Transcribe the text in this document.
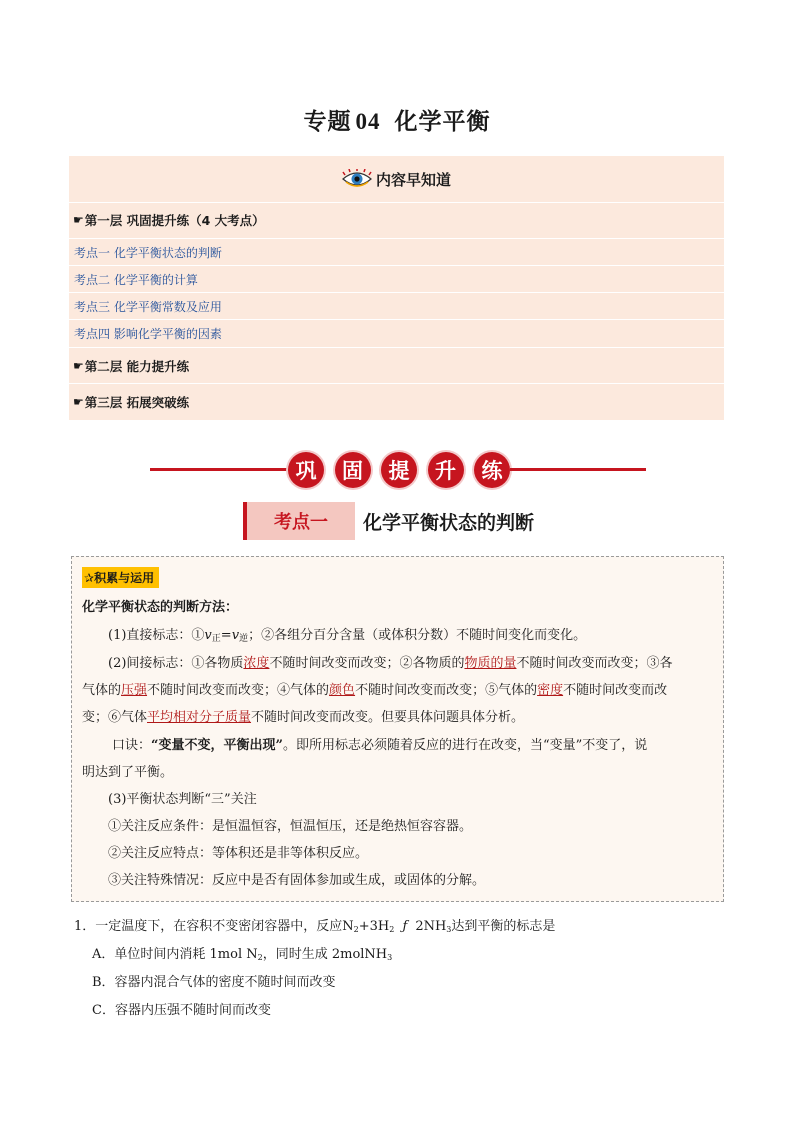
专题 04 化学平衡
内容早知道
☛ 第一层 巩固提升练（4 大考点）
考点一 化学平衡状态的判断
考点二 化学平衡的计算
考点三 化学平衡常数及应用
考点四 影响化学平衡的因素
☛ 第二层 能力提升练
☛ 第三层 拓展突破练
巩	固	提	升	练
考点一	化学平衡状态的判断
✰ 积累与运用
化学平衡状态的判断方法：
(1)直接标志：$①v_正=v_逆$；②各组分百分含量（或体积分数）不随时间变化而变化。
(2)间接标志：①各物质浓度不随时间改变而改变；②各物质的物质的量不随时间改变而改变；③各
气体的压强不随时间改变而改变；④气体的颜色不随时间改变而改变；⑤气体的密度不随时间改变而改
变；⑥气体平均相对分子质量不随时间改变而改变。但要具体问题具体分析。
口诀：“变量不变，平衡出现”。即所用标志必须随着反应的进行在改变，当“变量”不变了，说
明达到了平衡。
(3)平衡状态判断“三”关注
①关注反应条件：是恒温恒容，恒温恒压，还是绝热恒容容器。
②关注反应特点：等体积还是非等体积反应。
③关注特殊情况：反应中是否有固体参加或生成，或固体的分解。
1．一定温度下，在容积不变密闭容器中，反应$N_2+3H_2$ ƒ $2NH_3$达到平衡的标志是
A．单位时间内消耗 1mol $N_2$，同时生成 2molNH$_3$
B．容器内混合气体的密度不随时间而改变
C．容器内压强不随时间而改变
